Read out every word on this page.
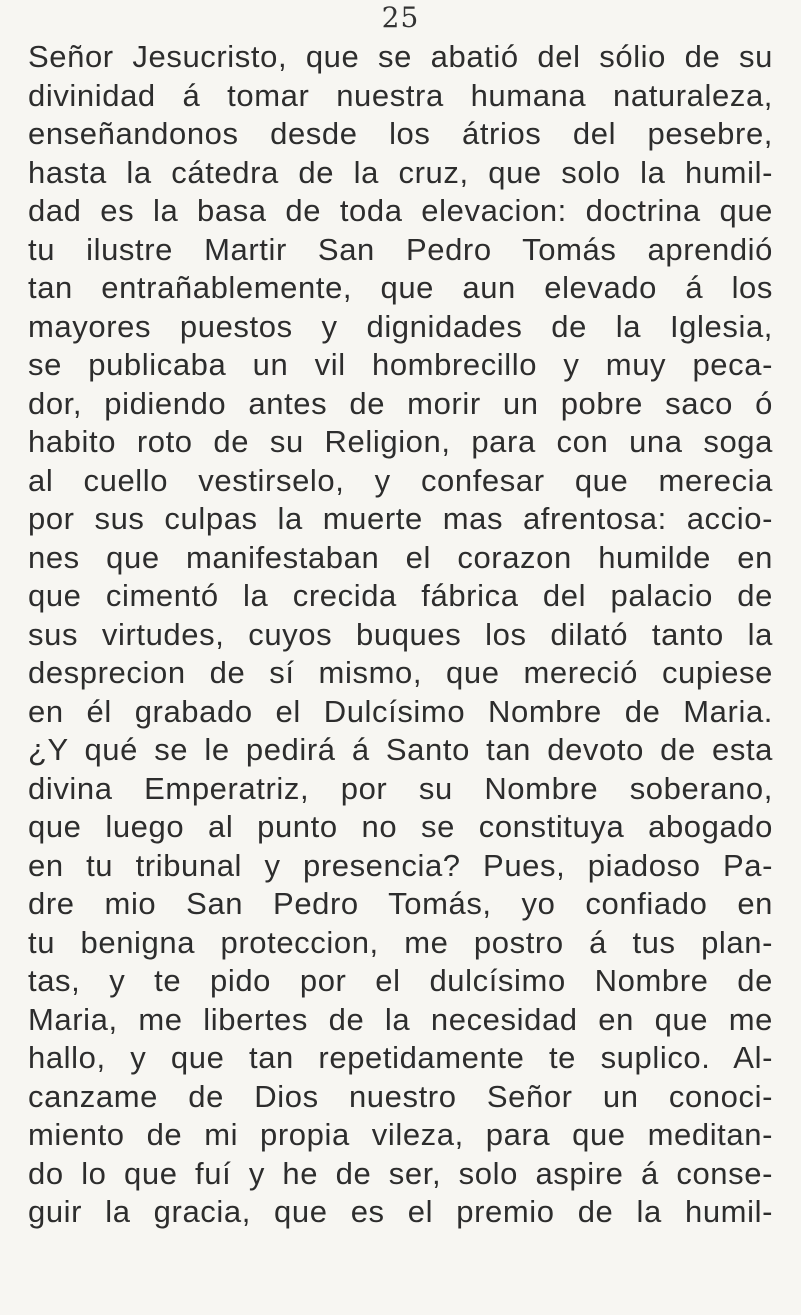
25
Señor Jesucristo, que se abatió del sólio de su
divinidad á tomar nuestra humana naturaleza,
enseñandonos desde los átrios del pesebre,
hasta la cátedra de la cruz, que solo la humil-
dad es la basa de toda elevacion: doctrina que
tu ilustre Martir San Pedro Tomás aprendió
tan entrañablemente, que aun elevado á los
mayores puestos y dignidades de la Iglesia,
se publicaba un vil hombrecillo y muy peca-
dor, pidiendo antes de morir un pobre saco ó
habito roto de su Religion, para con una soga
al cuello vestirselo, y confesar que merecia
por sus culpas la muerte mas afrentosa: accio-
nes que manifestaban el corazon humilde en
que cimentó la crecida fábrica del palacio de
sus virtudes, cuyos buques los dilató tanto la
desprecion de sí mismo, que mereció cupiese
en él grabado el Dulcísimo Nombre de Maria.
¿Y qué se le pedirá á Santo tan devoto de esta
divina Emperatriz, por su Nombre soberano,
que luego al punto no se constituya abogado
en tu tribunal y presencia? Pues, piadoso Pa-
dre mio San Pedro Tomás, yo confiado en
tu benigna proteccion, me postro á tus plan-
tas, y te pido por el dulcísimo Nombre de
Maria, me libertes de la necesidad en que me
hallo, y que tan repetidamente te suplico. Al-
canzame de Dios nuestro Señor un conoci-
miento de mi propia vileza, para que meditan-
do lo que fuí y he de ser, solo aspire á conse-
guir la gracia, que es el premio de la humil-
